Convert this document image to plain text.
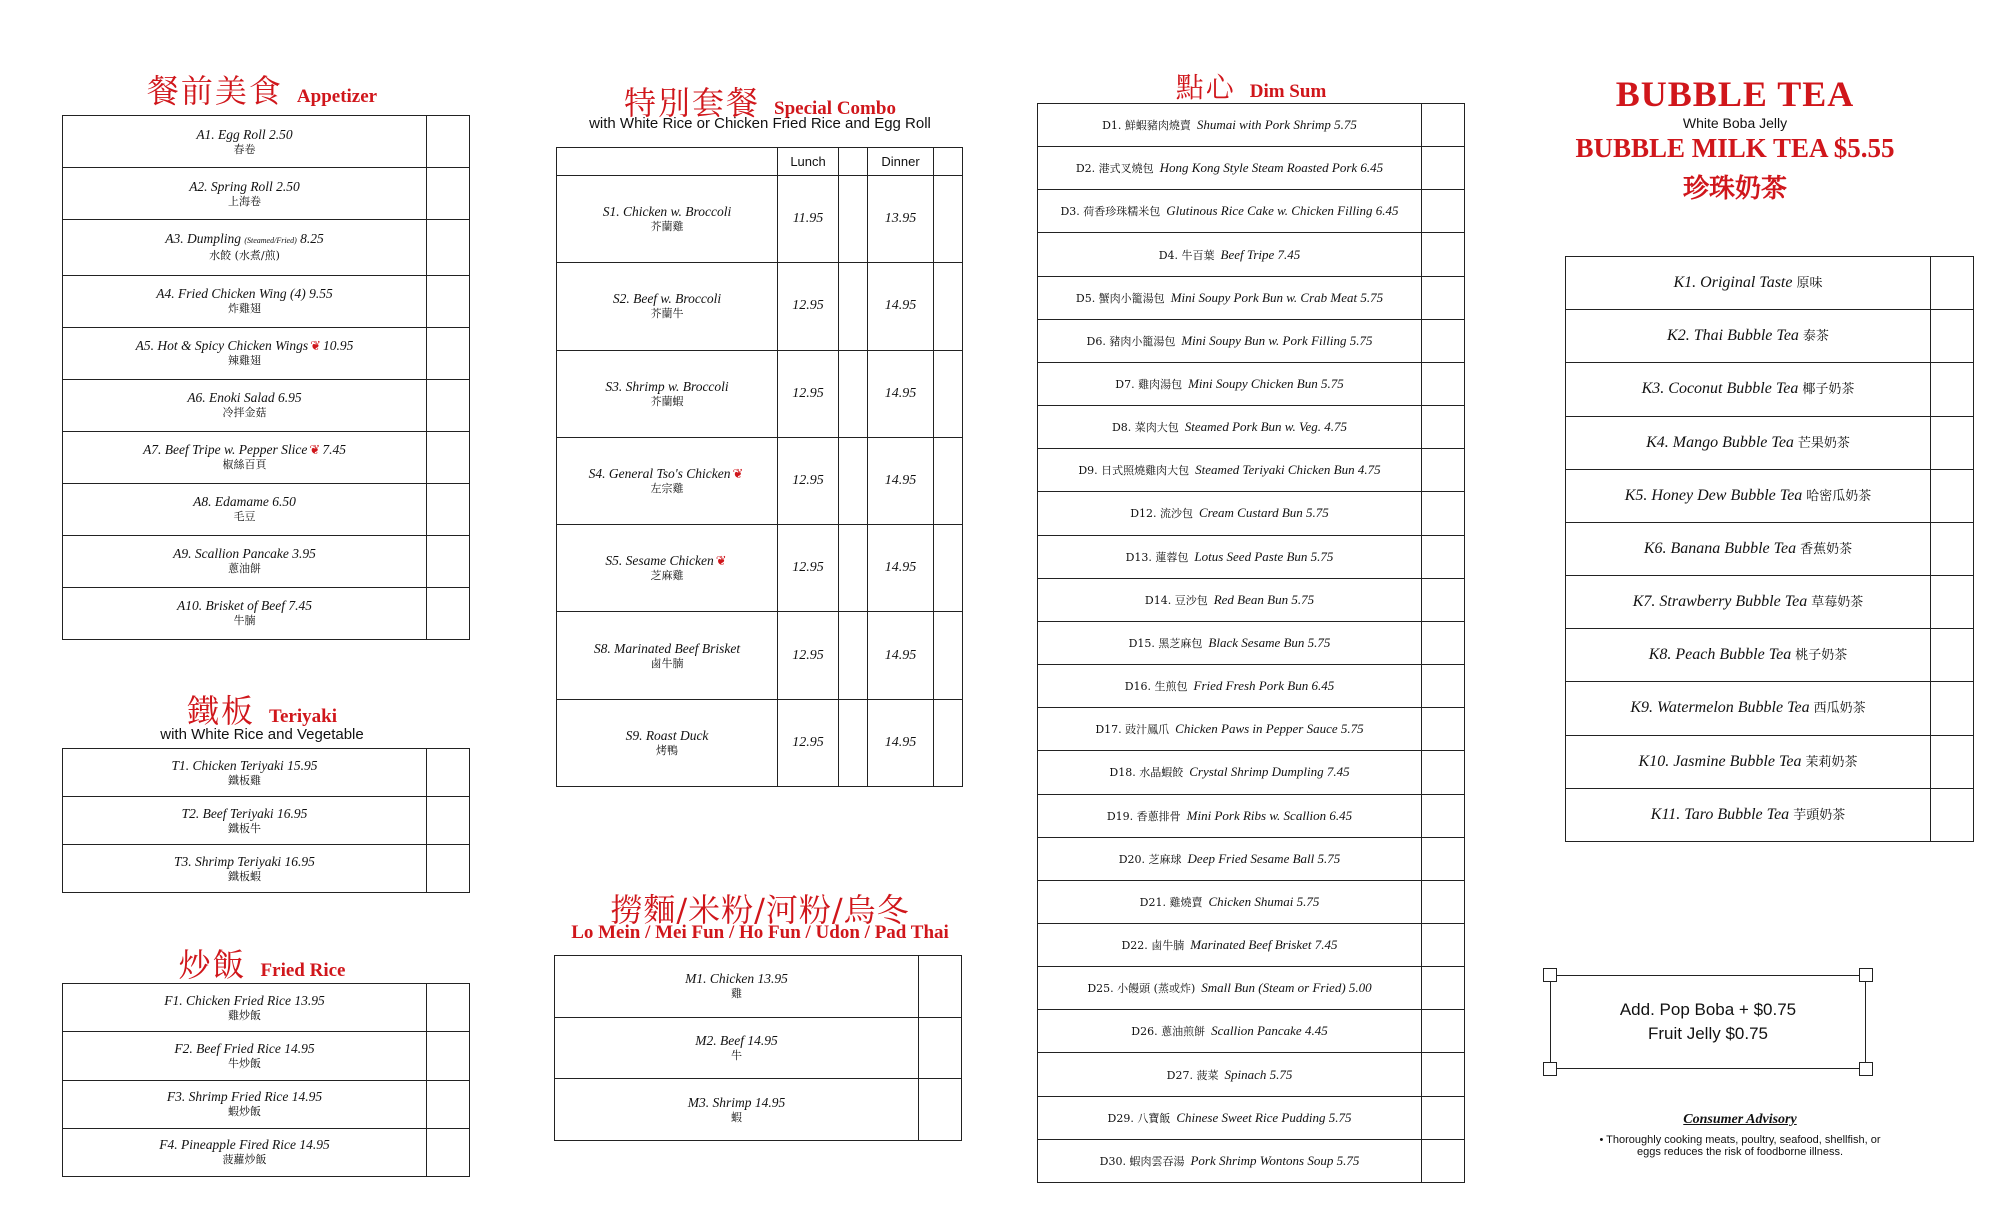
餐前美食 Appetizer
A1. Egg Roll 2.50
春卷	

A2. Spring Roll 2.50
上海卷	

A3. Dumpling (Steamed/Fried) 8.25
水餃 (水煮/煎)	

A4. Fried Chicken Wing (4) 9.55
炸雞翅	

A5. Hot & Spicy Chicken Wings ❦ 10.95
辣雞翅	

A6. Enoki Salad 6.95
冷拌金菇	

A7. Beef Tripe w. Pepper Slice ❦ 7.45
椒絲百頁	

A8. Edamame 6.50
毛豆	

A9. Scallion Pancake 3.95
蔥油餅	

A10. Brisket of Beef 7.45
牛腩	

鐵板 Teriyaki
with White Rice and Vegetable
T1. Chicken Teriyaki 15.95
鐵板雞	

T2. Beef Teriyaki 16.95
鐵板牛	

T3. Shrimp Teriyaki 16.95
鐵板蝦	

炒飯 Fried Rice
F1. Chicken Fried Rice 13.95
雞炒飯	

F2. Beef Fried Rice 14.95
牛炒飯	

F3. Shrimp Fried Rice 14.95
蝦炒飯	

F4. Pineapple Fired Rice 14.95
菠蘿炒飯	

特別套餐 Special Combo
with White Rice or Chicken Fried Rice and Egg Roll
	Lunch		Dinner	
S1. Chicken w. Broccoli
芥蘭雞	11.95		13.95	
S2. Beef w. Broccoli
芥蘭牛	12.95		14.95	
S3. Shrimp w. Broccoli
芥蘭蝦	12.95		14.95	
S4. General Tso's Chicken ❦
左宗雞	12.95		14.95	
S5. Sesame Chicken ❦
芝麻雞	12.95		14.95	
S8. Marinated Beef Brisket
鹵牛腩	12.95		14.95	
S9. Roast Duck
烤鴨	12.95		14.95	
撈麵/米粉/河粉/烏冬
Lo Mein / Mei Fun / Ho Fun / Udon / Pad Thai
M1. Chicken 13.95
雞	

M2. Beef 14.95
牛	

M3. Shrimp 14.95
蝦	

點心 Dim Sum
D1. 鮮蝦豬肉燒賣 Shumai with Pork Shrimp 5.75	
D2. 港式叉燒包 Hong Kong Style Steam Roasted Pork 6.45	
D3. 荷香珍珠糯米包 Glutinous Rice Cake w. Chicken Filling 6.45	
D4. 牛百葉 Beef Tripe 7.45	
D5. 蟹肉小籠湯包 Mini Soupy Pork Bun w. Crab Meat 5.75	
D6. 豬肉小籠湯包 Mini Soupy Bun w. Pork Filling 5.75	
D7. 雞肉湯包 Mini Soupy Chicken Bun 5.75	
D8. 菜肉大包 Steamed Pork Bun w. Veg. 4.75	
D9. 日式照燒雞肉大包 Steamed Teriyaki Chicken Bun 4.75	
D12. 流沙包 Cream Custard Bun 5.75	
D13. 蓮蓉包 Lotus Seed Paste Bun 5.75	
D14. 豆沙包 Red Bean Bun 5.75	
D15. 黑芝麻包 Black Sesame Bun 5.75	
D16. 生煎包 Fried Fresh Pork Bun 6.45	
D17. 豉汁鳳爪 Chicken Paws in Pepper Sauce 5.75	
D18. 水晶蝦餃 Crystal Shrimp Dumpling 7.45	
D19. 香蔥排骨 Mini Pork Ribs w. Scallion 6.45	
D20. 芝麻球 Deep Fried Sesame Ball 5.75	
D21. 雞燒賣 Chicken Shumai 5.75	
D22. 鹵牛腩 Marinated Beef Brisket 7.45	
D25. 小饅頭 (蒸或炸) Small Bun (Steam or Fried) 5.00	
D26. 蔥油煎餅 Scallion Pancake 4.45	
D27. 菠菜 Spinach 5.75	
D29. 八寶飯 Chinese Sweet Rice Pudding 5.75	
D30. 蝦肉雲吞湯 Pork Shrimp Wontons Soup 5.75	
BUBBLE TEA
White Boba Jelly
BUBBLE MILK TEA $5.55
珍珠奶茶
K1. Original Taste 原味	
K2. Thai Bubble Tea 泰茶	
K3. Coconut Bubble Tea 椰子奶茶	
K4. Mango Bubble Tea 芒果奶茶	
K5. Honey Dew Bubble Tea 哈密瓜奶茶	
K6. Banana Bubble Tea 香蕉奶茶	
K7. Strawberry Bubble Tea 草莓奶茶	
K8. Peach Bubble Tea 桃子奶茶	
K9. Watermelon Bubble Tea 西瓜奶茶	
K10. Jasmine Bubble Tea 茉莉奶茶	
K11. Taro Bubble Tea 芋頭奶茶	
Add. Pop Boba + $0.75
Fruit Jelly $0.75
Consumer Advisory
• Thoroughly cooking meats, poultry, seafood, shellfish, or eggs reduces the risk of foodborne illness.
